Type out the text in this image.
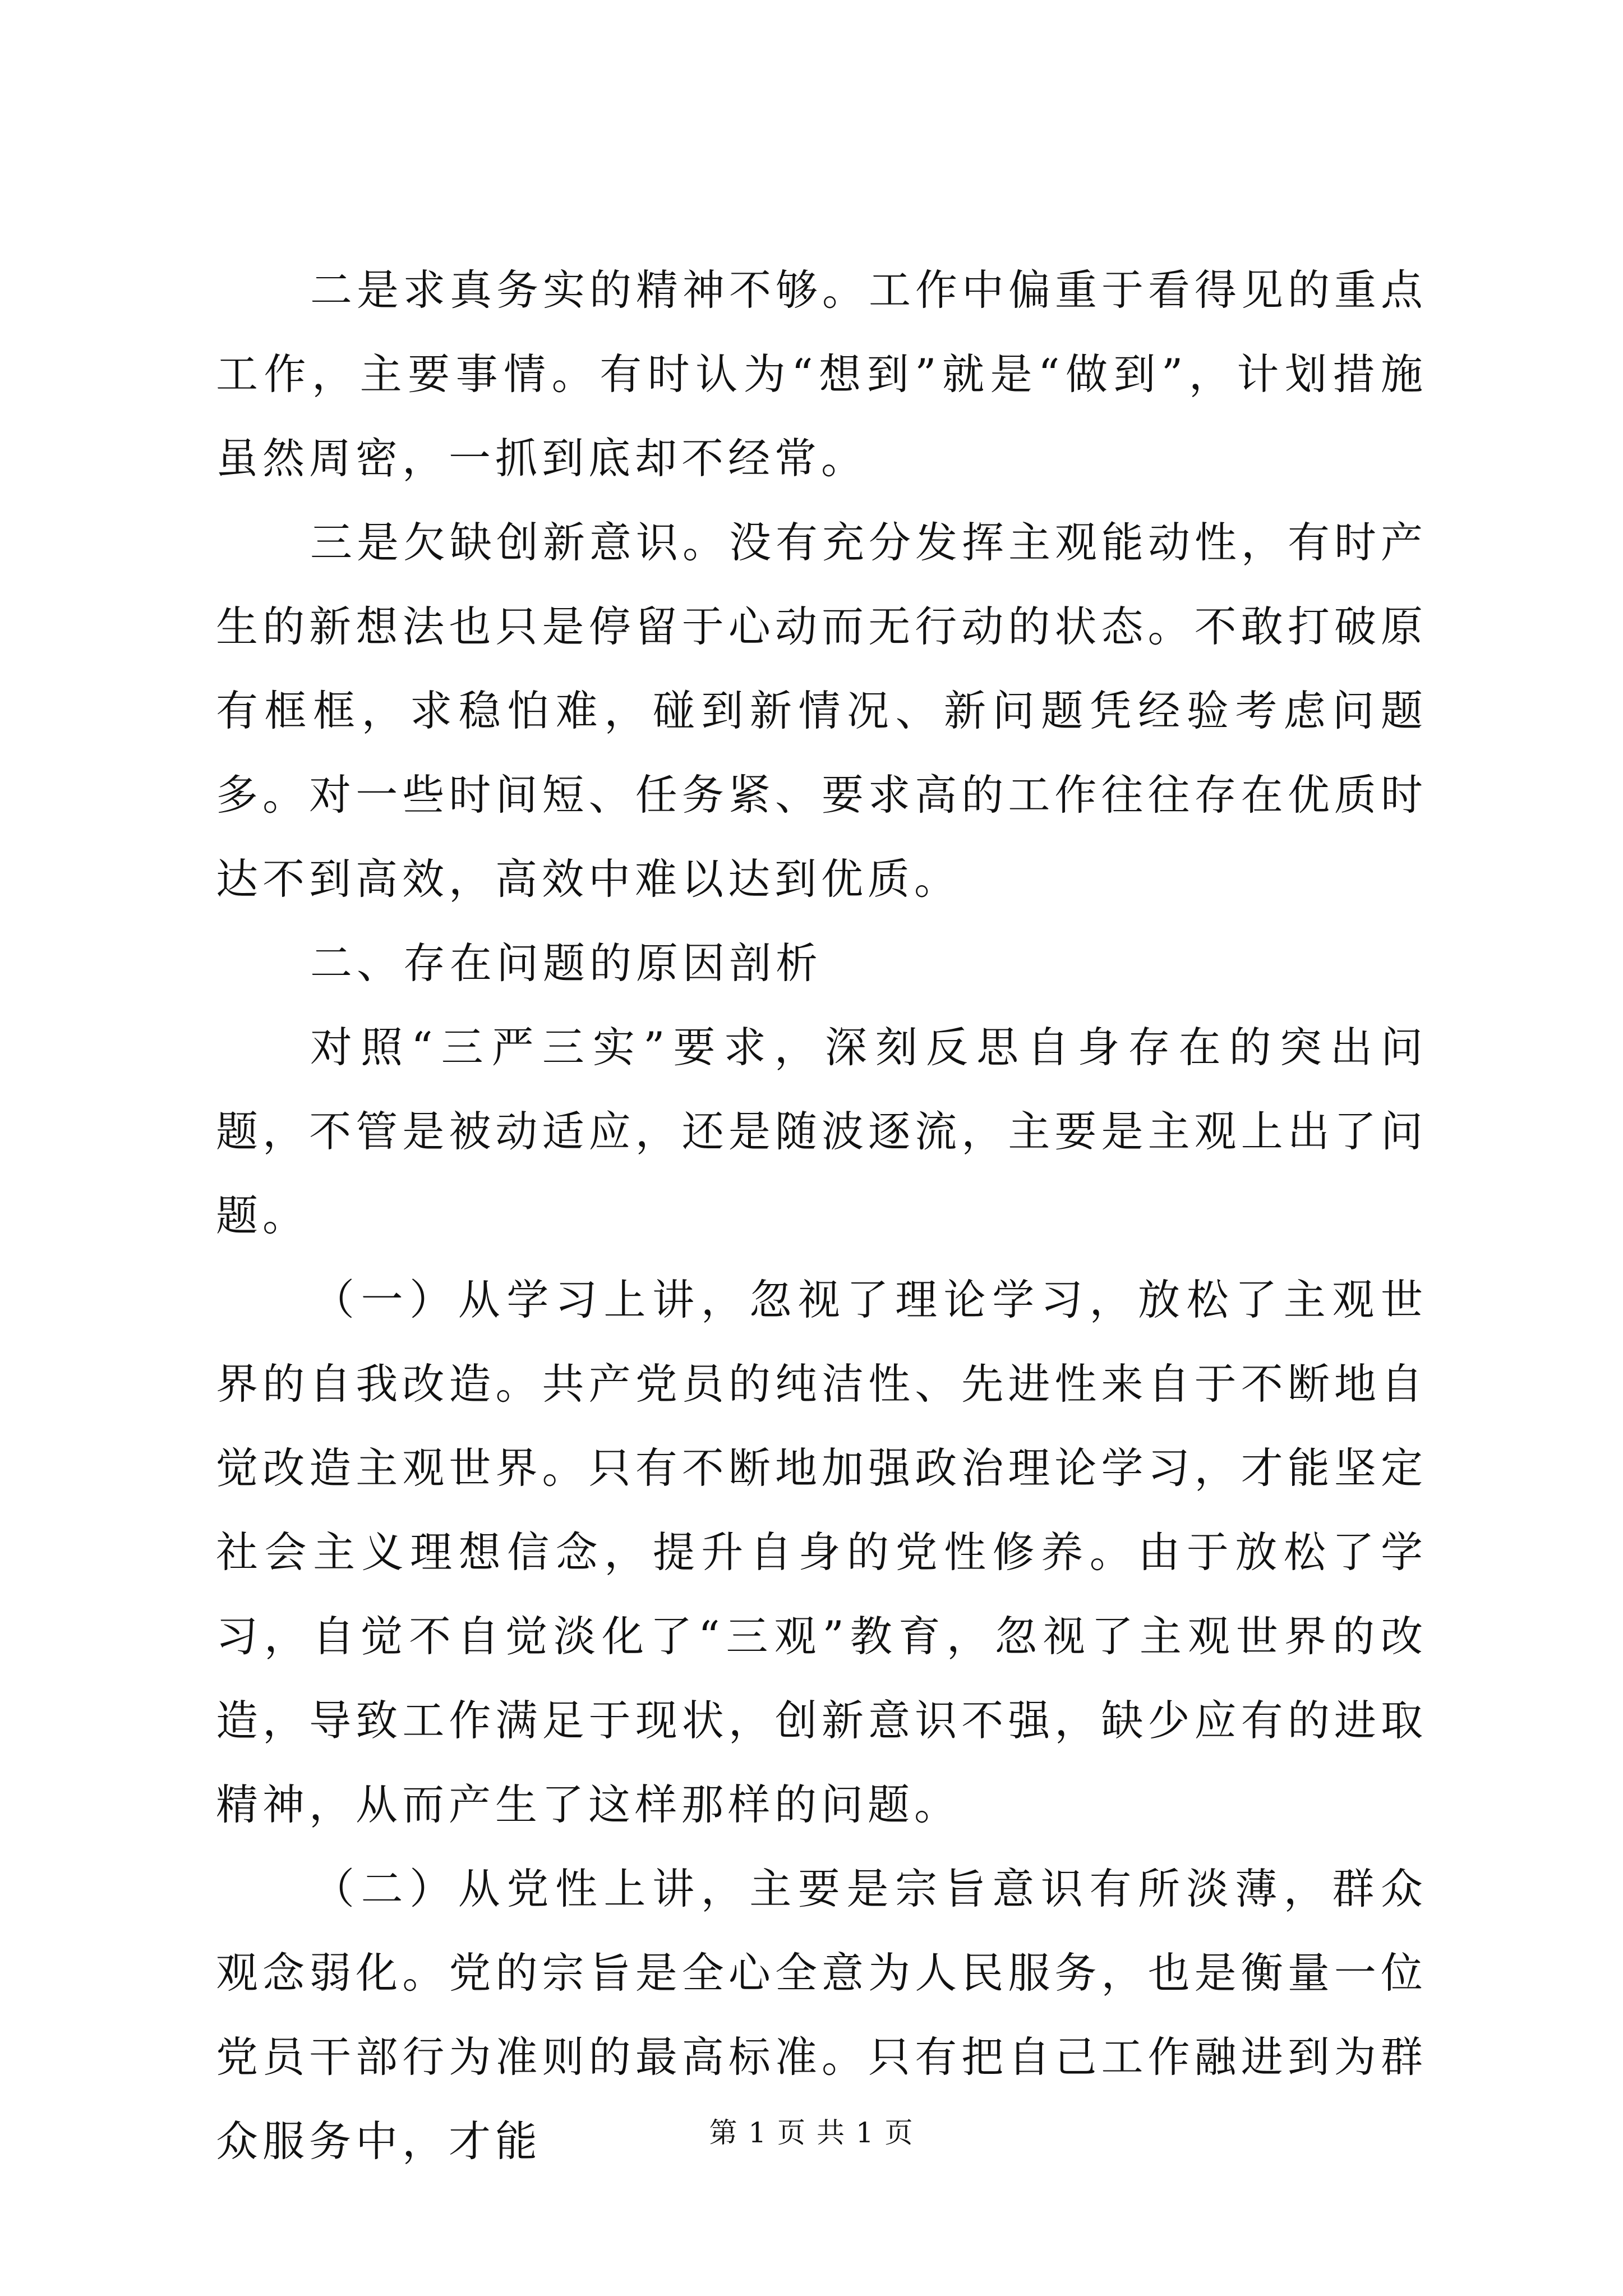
二是求真务实的精神不够。工作中偏重于看得见的重点工作，主要事情。有时认为“想到”就是“做到”，计划措施虽然周密，一抓到底却不经常。

三是欠缺创新意识。没有充分发挥主观能动性，有时产生的新想法也只是停留于心动而无行动的状态。不敢打破原有框框，求稳怕难，碰到新情况、新问题凭经验考虑问题多。对一些时间短、任务紧、要求高的工作往往存在优质时达不到高效，高效中难以达到优质。

二、存在问题的原因剖析

对照“三严三实”要求，深刻反思自身存在的突出问题，不管是被动适应，还是随波逐流，主要是主观上出了问题。

（一）从学习上讲，忽视了理论学习，放松了主观世界的自我改造。共产党员的纯洁性、先进性来自于不断地自觉改造主观世界。只有不断地加强政治理论学习，才能坚定社会主义理想信念，提升自身的党性修养。由于放松了学习，自觉不自觉淡化了“三观”教育，忽视了主观世界的改造，导致工作满足于现状，创新意识不强，缺少应有的进取精神，从而产生了这样那样的问题。

（二）从党性上讲，主要是宗旨意识有所淡薄，群众观念弱化。党的宗旨是全心全意为人民服务，也是衡量一位党员干部行为准则的最高标准。只有把自己工作融进到为群众服务中，才能	第 1 页 共 1 页
